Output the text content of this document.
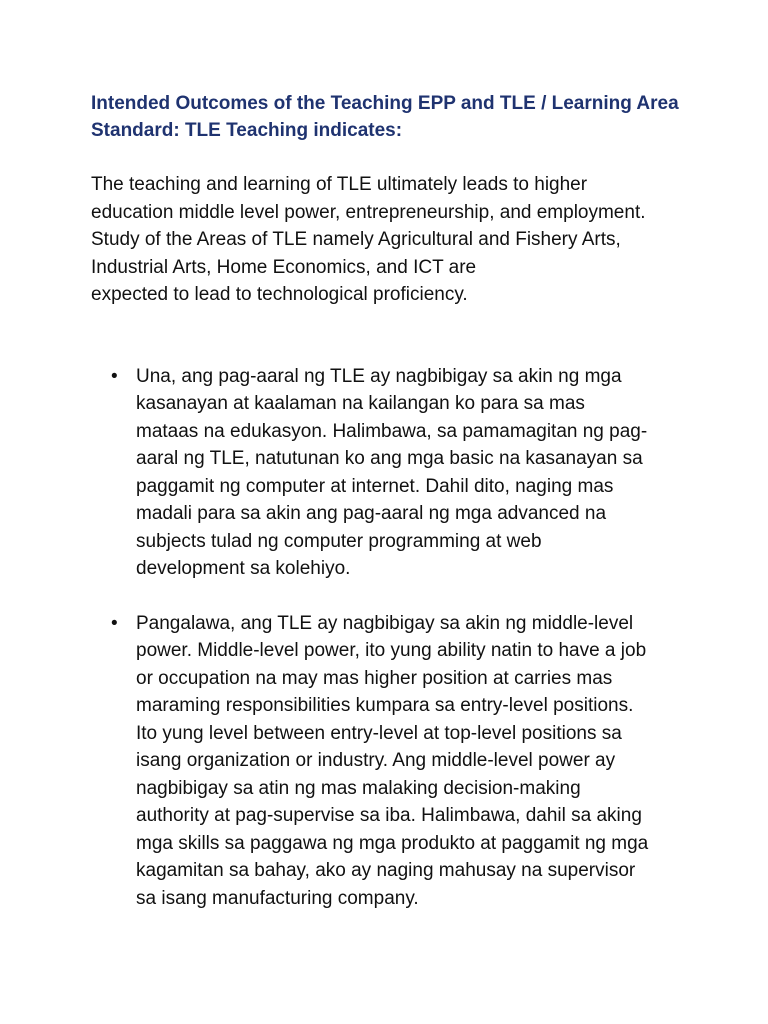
Intended Outcomes of the Teaching EPP and TLE / Learning Area Standard: TLE Teaching indicates:

The teaching and learning of TLE ultimately leads to higher
education middle level power, entrepreneurship, and employment.
Study of the Areas of TLE namely Agricultural and Fishery Arts,
Industrial Arts, Home Economics, and ICT are
expected to lead to technological proficiency.

• Una, ang pag-aaral ng TLE ay nagbibigay sa akin ng mga
kasanayan at kaalaman na kailangan ko para sa mas
mataas na edukasyon. Halimbawa, sa pamamagitan ng pag-
aaral ng TLE, natutunan ko ang mga basic na kasanayan sa
paggamit ng computer at internet. Dahil dito, naging mas
madali para sa akin ang pag-aaral ng mga advanced na
subjects tulad ng computer programming at web
development sa kolehiyo.
• Pangalawa, ang TLE ay nagbibigay sa akin ng middle-level
power. Middle-level power, ito yung ability natin to have a job
or occupation na may mas higher position at carries mas
maraming responsibilities kumpara sa entry-level positions.
Ito yung level between entry-level at top-level positions sa
isang organization or industry. Ang middle-level power ay
nagbibigay sa atin ng mas malaking decision-making
authority at pag-supervise sa iba. Halimbawa, dahil sa aking
mga skills sa paggawa ng mga produkto at paggamit ng mga
kagamitan sa bahay, ako ay naging mahusay na supervisor
sa isang manufacturing company.
